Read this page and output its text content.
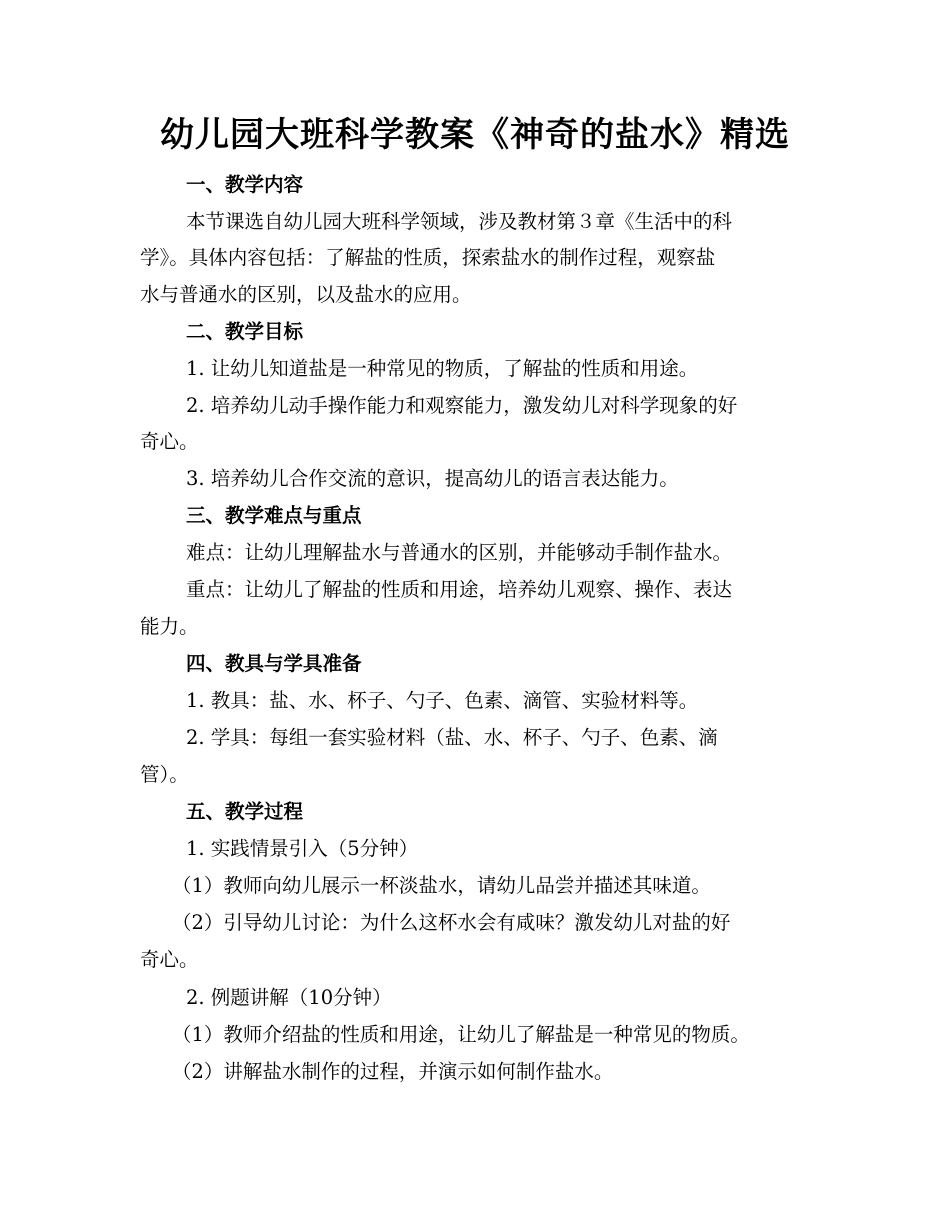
幼儿园大班科学教案《神奇的盐水》精选
一、教学内容
本节课选自幼儿园大班科学领域，涉及教材第３章《生活中的科
学》。具体内容包括：了解盐的性质，探索盐水的制作过程，观察盐
水与普通水的区别，以及盐水的应用。
二、教学目标
1. 让幼儿知道盐是一种常见的物质，了解盐的性质和用途。
2. 培养幼儿动手操作能力和观察能力，激发幼儿对科学现象的好
奇心。
3. 培养幼儿合作交流的意识，提高幼儿的语言表达能力。
三、教学难点与重点
难点：让幼儿理解盐水与普通水的区别，并能够动手制作盐水。
重点：让幼儿了解盐的性质和用途，培养幼儿观察、操作、表达
能力。
四、教具与学具准备
1. 教具：盐、水、杯子、勺子、色素、滴管、实验材料等。
2. 学具：每组一套实验材料（盐、水、杯子、勺子、色素、滴
管）。
五、教学过程
1. 实践情景引入（5分钟）
（1）教师向幼儿展示一杯淡盐水，请幼儿品尝并描述其味道。
（2）引导幼儿讨论：为什么这杯水会有咸味？激发幼儿对盐的好
奇心。
2. 例题讲解（10分钟）
（1）教师介绍盐的性质和用途，让幼儿了解盐是一种常见的物质。
（2）讲解盐水制作的过程，并演示如何制作盐水。
